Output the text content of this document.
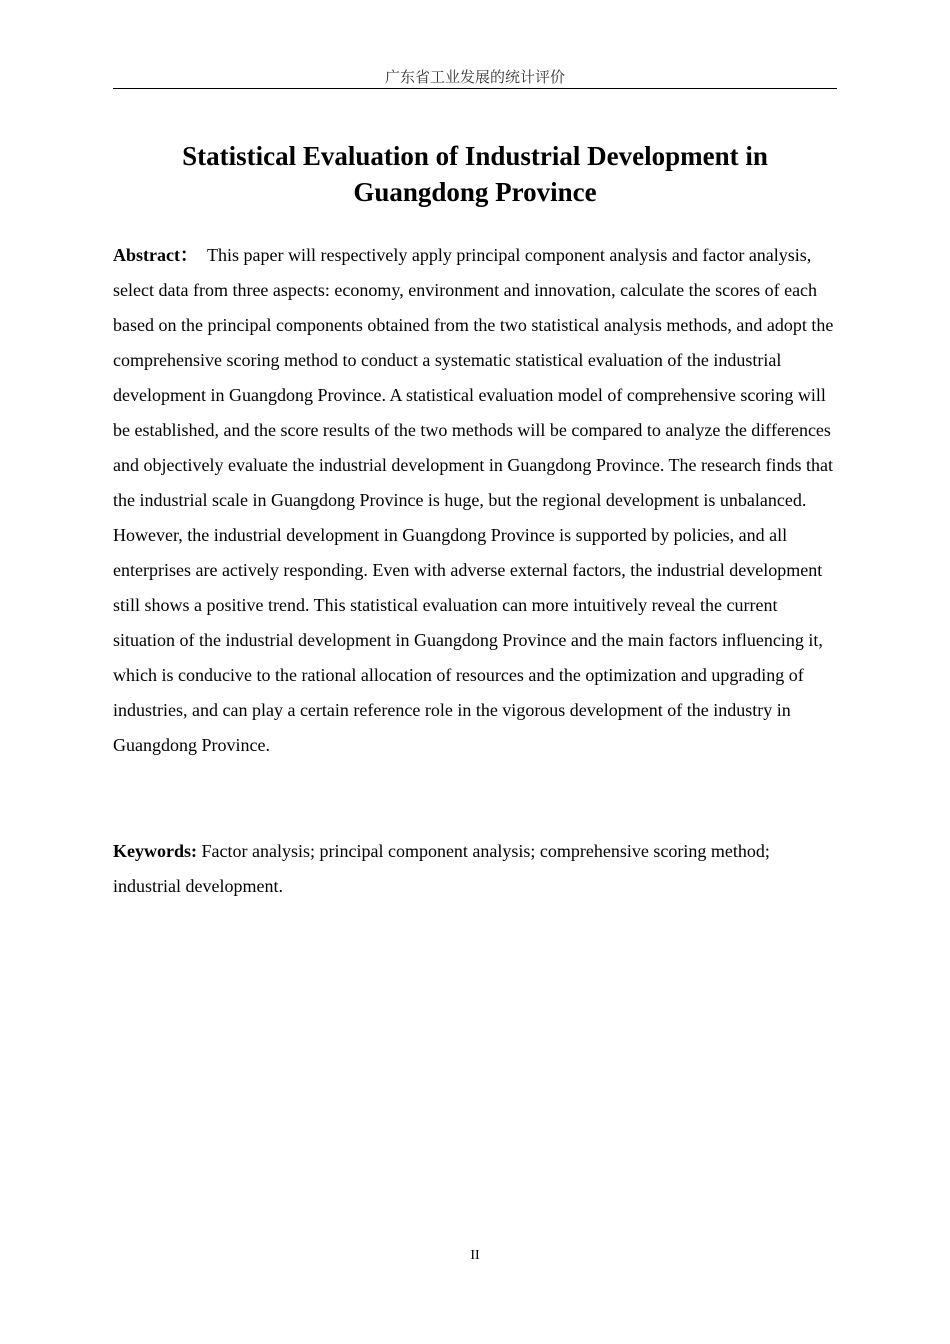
广东省工业发展的统计评价
Statistical Evaluation of Industrial Development in Guangdong Province

Abstract： This paper will respectively apply principal component analysis and factor analysis, select data from three aspects: economy, environment and innovation, calculate the scores of each based on the principal components obtained from the two statistical analysis methods, and adopt the comprehensive scoring method to conduct a systematic statistical evaluation of the industrial development in Guangdong Province. A statistical evaluation model of comprehensive scoring will be established, and the score results of the two methods will be compared to analyze the differences and objectively evaluate the industrial development in Guangdong Province. The research finds that the industrial scale in Guangdong Province is huge, but the regional development is unbalanced. However, the industrial development in Guangdong Province is supported by policies, and all enterprises are actively responding. Even with adverse external factors, the industrial development still shows a positive trend. This statistical evaluation can more intuitively reveal the current situation of the industrial development in Guangdong Province and the main factors influencing it, which is conducive to the rational allocation of resources and the optimization and upgrading of industries, and can play a certain reference role in the vigorous development of the industry in Guangdong Province.

Keywords: Factor analysis; principal component analysis; comprehensive scoring method; industrial development.

II
